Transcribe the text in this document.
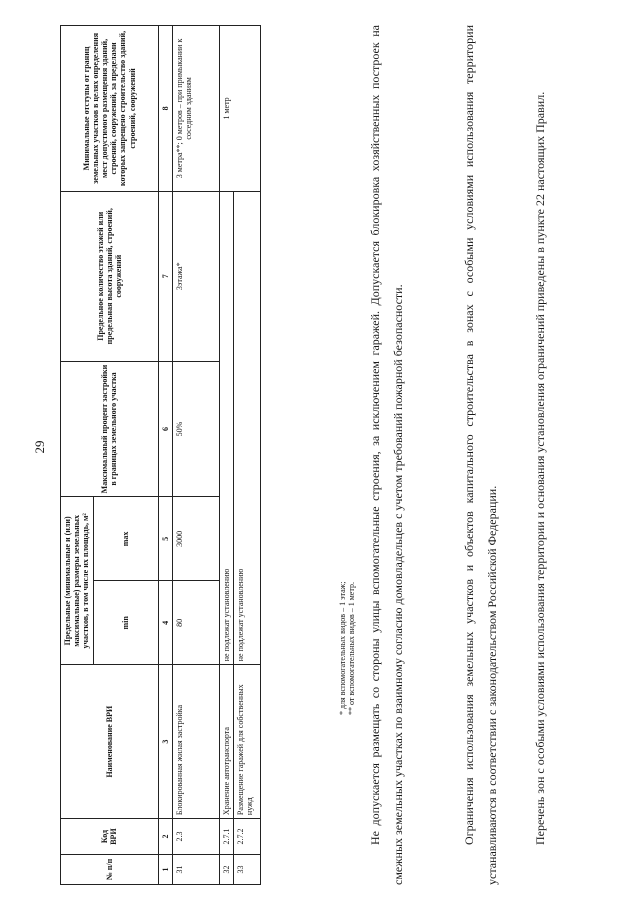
29
№ п/п	Код ВРИ	Наименование ВРИ	Предельные (минимальные и (или) максимальные) размеры земельных участков, в том числе их площадь, м²		Максимальный процент застройки в границах земельного участка	Предельное количество этажей или предельная высота зданий, строений, сооружений	Минимальные отступы от границ земельных участков в целях определения мест допустимого размещения зданий, строений, сооружений, за пределами которых запрещено строительство зданий, строений, сооружений
			min	max			
1	2	3	4	5	6	7	8
31	2.3	Блокированная жилая застройка	80	3000	50%	3этажа*	3 метра**; 0 метров – при примыкании к соседним зданиям
32	2.7.1	Хранение автотранспорта	не подлежат установлению				1 метр
33	2.7.2	Размещение гаражей для собственных нужд	не подлежат установлению					* для вспомогательных видов – 1 этаж; ** от вспомогательных видов – 1 метр.	Не допускается размещать со стороны улицы вспомогательные строения, за исключением гаражей. Допускается блокировка хозяйственных построек на смежных земельных участках по взаимному согласию домовладельцев с учетом требований пожарной безопасности.	Ограничения использования земельных участков и объектов капитального строительства в зонах с особыми условиями использования территории устанавливаются в соответствии с законодательством Российской Федерации.	Перечень зон с особыми условиями использования территории и основания установления ограничений приведены в пункте 22 настоящих Правил.
